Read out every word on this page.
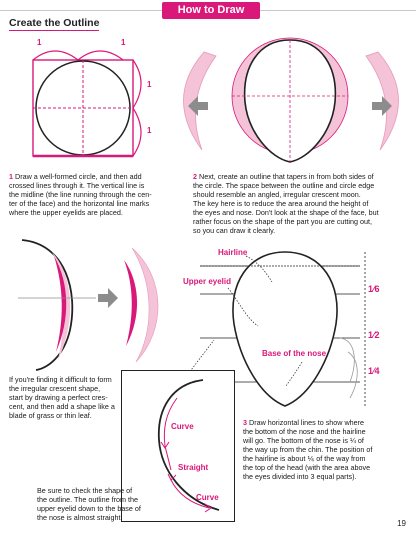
How to Draw
Create the Outline
1	1
1
1
1 Draw a well-formed circle, and then add
crossed lines through it. The vertical line is
the midline (the line running through the cen-
ter of the face) and the horizontal line marks
where the upper eyelids are placed.
2 Next, create an outline that tapers in from both sides of
the circle. The space between the outline and circle edge
should resemble an angled, irregular crescent moon.
The key here is to reduce the area around the height of
the eyes and nose. Don't look at the shape of the face, but
rather focus on the shape of the part you are cutting out,
so you can draw it clearly.
If you're finding it difficult to form
the irregular crescent shape,
start by drawing a perfect cres-
cent, and then add a shape like a
blade of grass or thin leaf.
Hairline
Upper eyelid
Base of the nose
1⁄6
1⁄2
1⁄4
Curve
Straight
Curve
3 Draw horizontal lines to show where
the bottom of the nose and the hairline
will go. The bottom of the nose is ¼ of
the way up from the chin. The position of
the hairline is about ⅙ of the way from
the top of the head (with the area above
the eyes divided into 3 equal parts).
Be sure to check the shape of
the outline. The outline from the
upper eyelid down to the base of
the nose is almost straight.
19
